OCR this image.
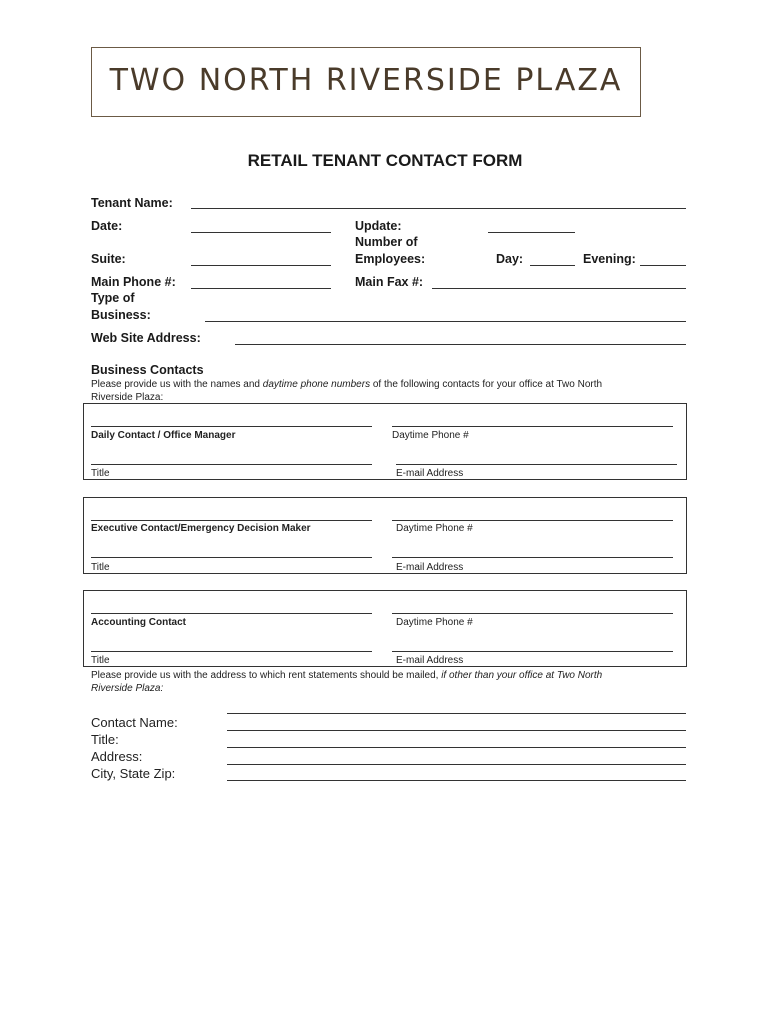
TWO NORTH RIVERSIDE PLAZA
RETAIL TENANT CONTACT FORM
Tenant Name:
Date:	Update:
Number of
Employees:
Suite:	Day:	Evening:
Main Phone #:	Main Fax #:
Type of
Business:
Web Site Address:
Business Contacts
Please provide us with the names and daytime phone numbers of the following contacts for your office at Two North
Riverside Plaza:
Daily Contact / Office Manager	Daytime Phone #
Title	E-mail Address
Executive Contact/Emergency Decision Maker	Daytime Phone #
Title	E-mail Address
Accounting Contact	Daytime Phone #
Title	E-mail Address
Please provide us with the address to which rent statements should be mailed, if other than your office at Two North
Riverside Plaza:
Contact Name:
Title:
Address:
City, State Zip:
